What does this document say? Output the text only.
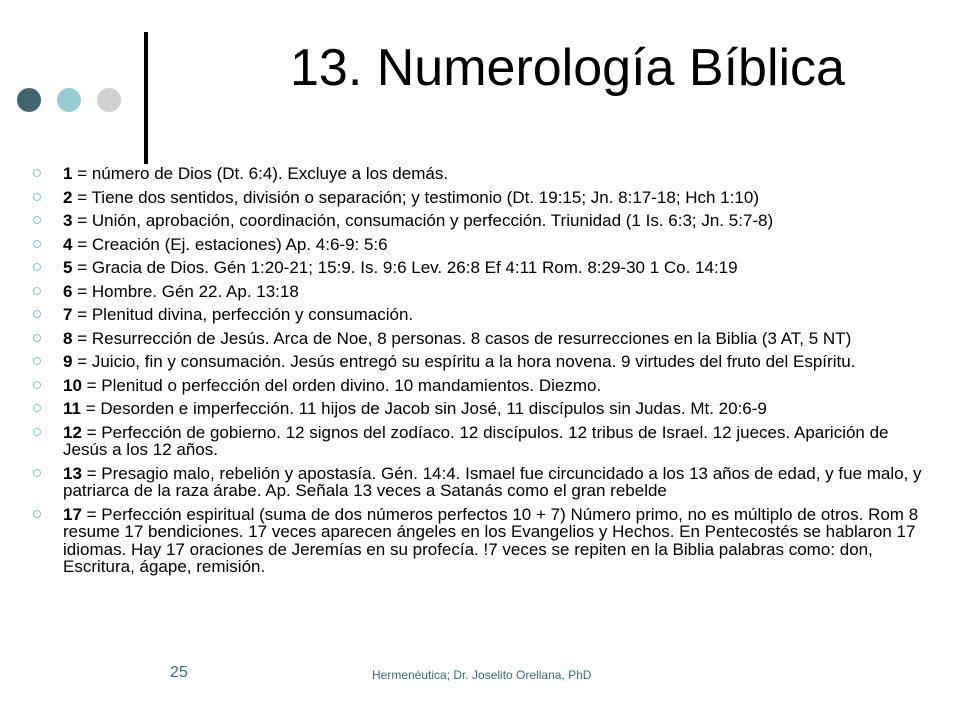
13. Numerología Bíblica
1 = número de Dios (Dt. 6:4). Excluye a los demás.
2 = Tiene dos sentidos, división o separación; y testimonio (Dt. 19:15; Jn. 8:17-18; Hch 1:10)
3 = Unión, aprobación, coordinación, consumación y perfección. Triunidad (1 Is. 6:3; Jn. 5:7-8)
4 = Creación (Ej. estaciones) Ap. 4:6-9: 5:6
5 = Gracia de Dios. Gén 1:20-21; 15:9. Is. 9:6 Lev. 26:8 Ef 4:11 Rom. 8:29-30 1 Co. 14:19
6 = Hombre. Gén 22. Ap. 13:18
7 = Plenitud divina, perfección y consumación.
8 = Resurrección de Jesús. Arca de Noe, 8 personas. 8 casos de resurrecciones en la Biblia (3 AT, 5 NT)
9 = Juicio, fin y consumación. Jesús entregó su espíritu a la hora novena. 9 virtudes del fruto del Espíritu.
10 = Plenitud o perfección del orden divino. 10 mandamientos. Diezmo.
11 = Desorden e imperfección. 11 hijos de Jacob sin José, 11 discípulos sin Judas. Mt. 20:6-9
12 = Perfección de gobierno. 12 signos del zodíaco. 12 discípulos. 12 tribus de Israel. 12 jueces. Aparición de Jesús a los 12 años.
13 = Presagio malo, rebelión y apostasía. Gén. 14:4. Ismael fue circuncidado a los 13 años de edad, y fue malo, y patriarca de la raza árabe. Ap. Señala 13 veces a Satanás como el gran rebelde
17 = Perfección espiritual (suma de dos números perfectos 10 + 7) Número primo, no es múltiplo de otros. Rom 8 resume 17 bendiciones. 17 veces aparecen ángeles en los Evangelios y Hechos. En Pentecostés se hablaron 17 idiomas. Hay 17 oraciones de Jeremías en su profecía. !7 veces se repiten en la Biblia palabras como: don, Escritura, ágape, remisión.
25	Hermenéutica; Dr. Joselito Orellana, PhD
